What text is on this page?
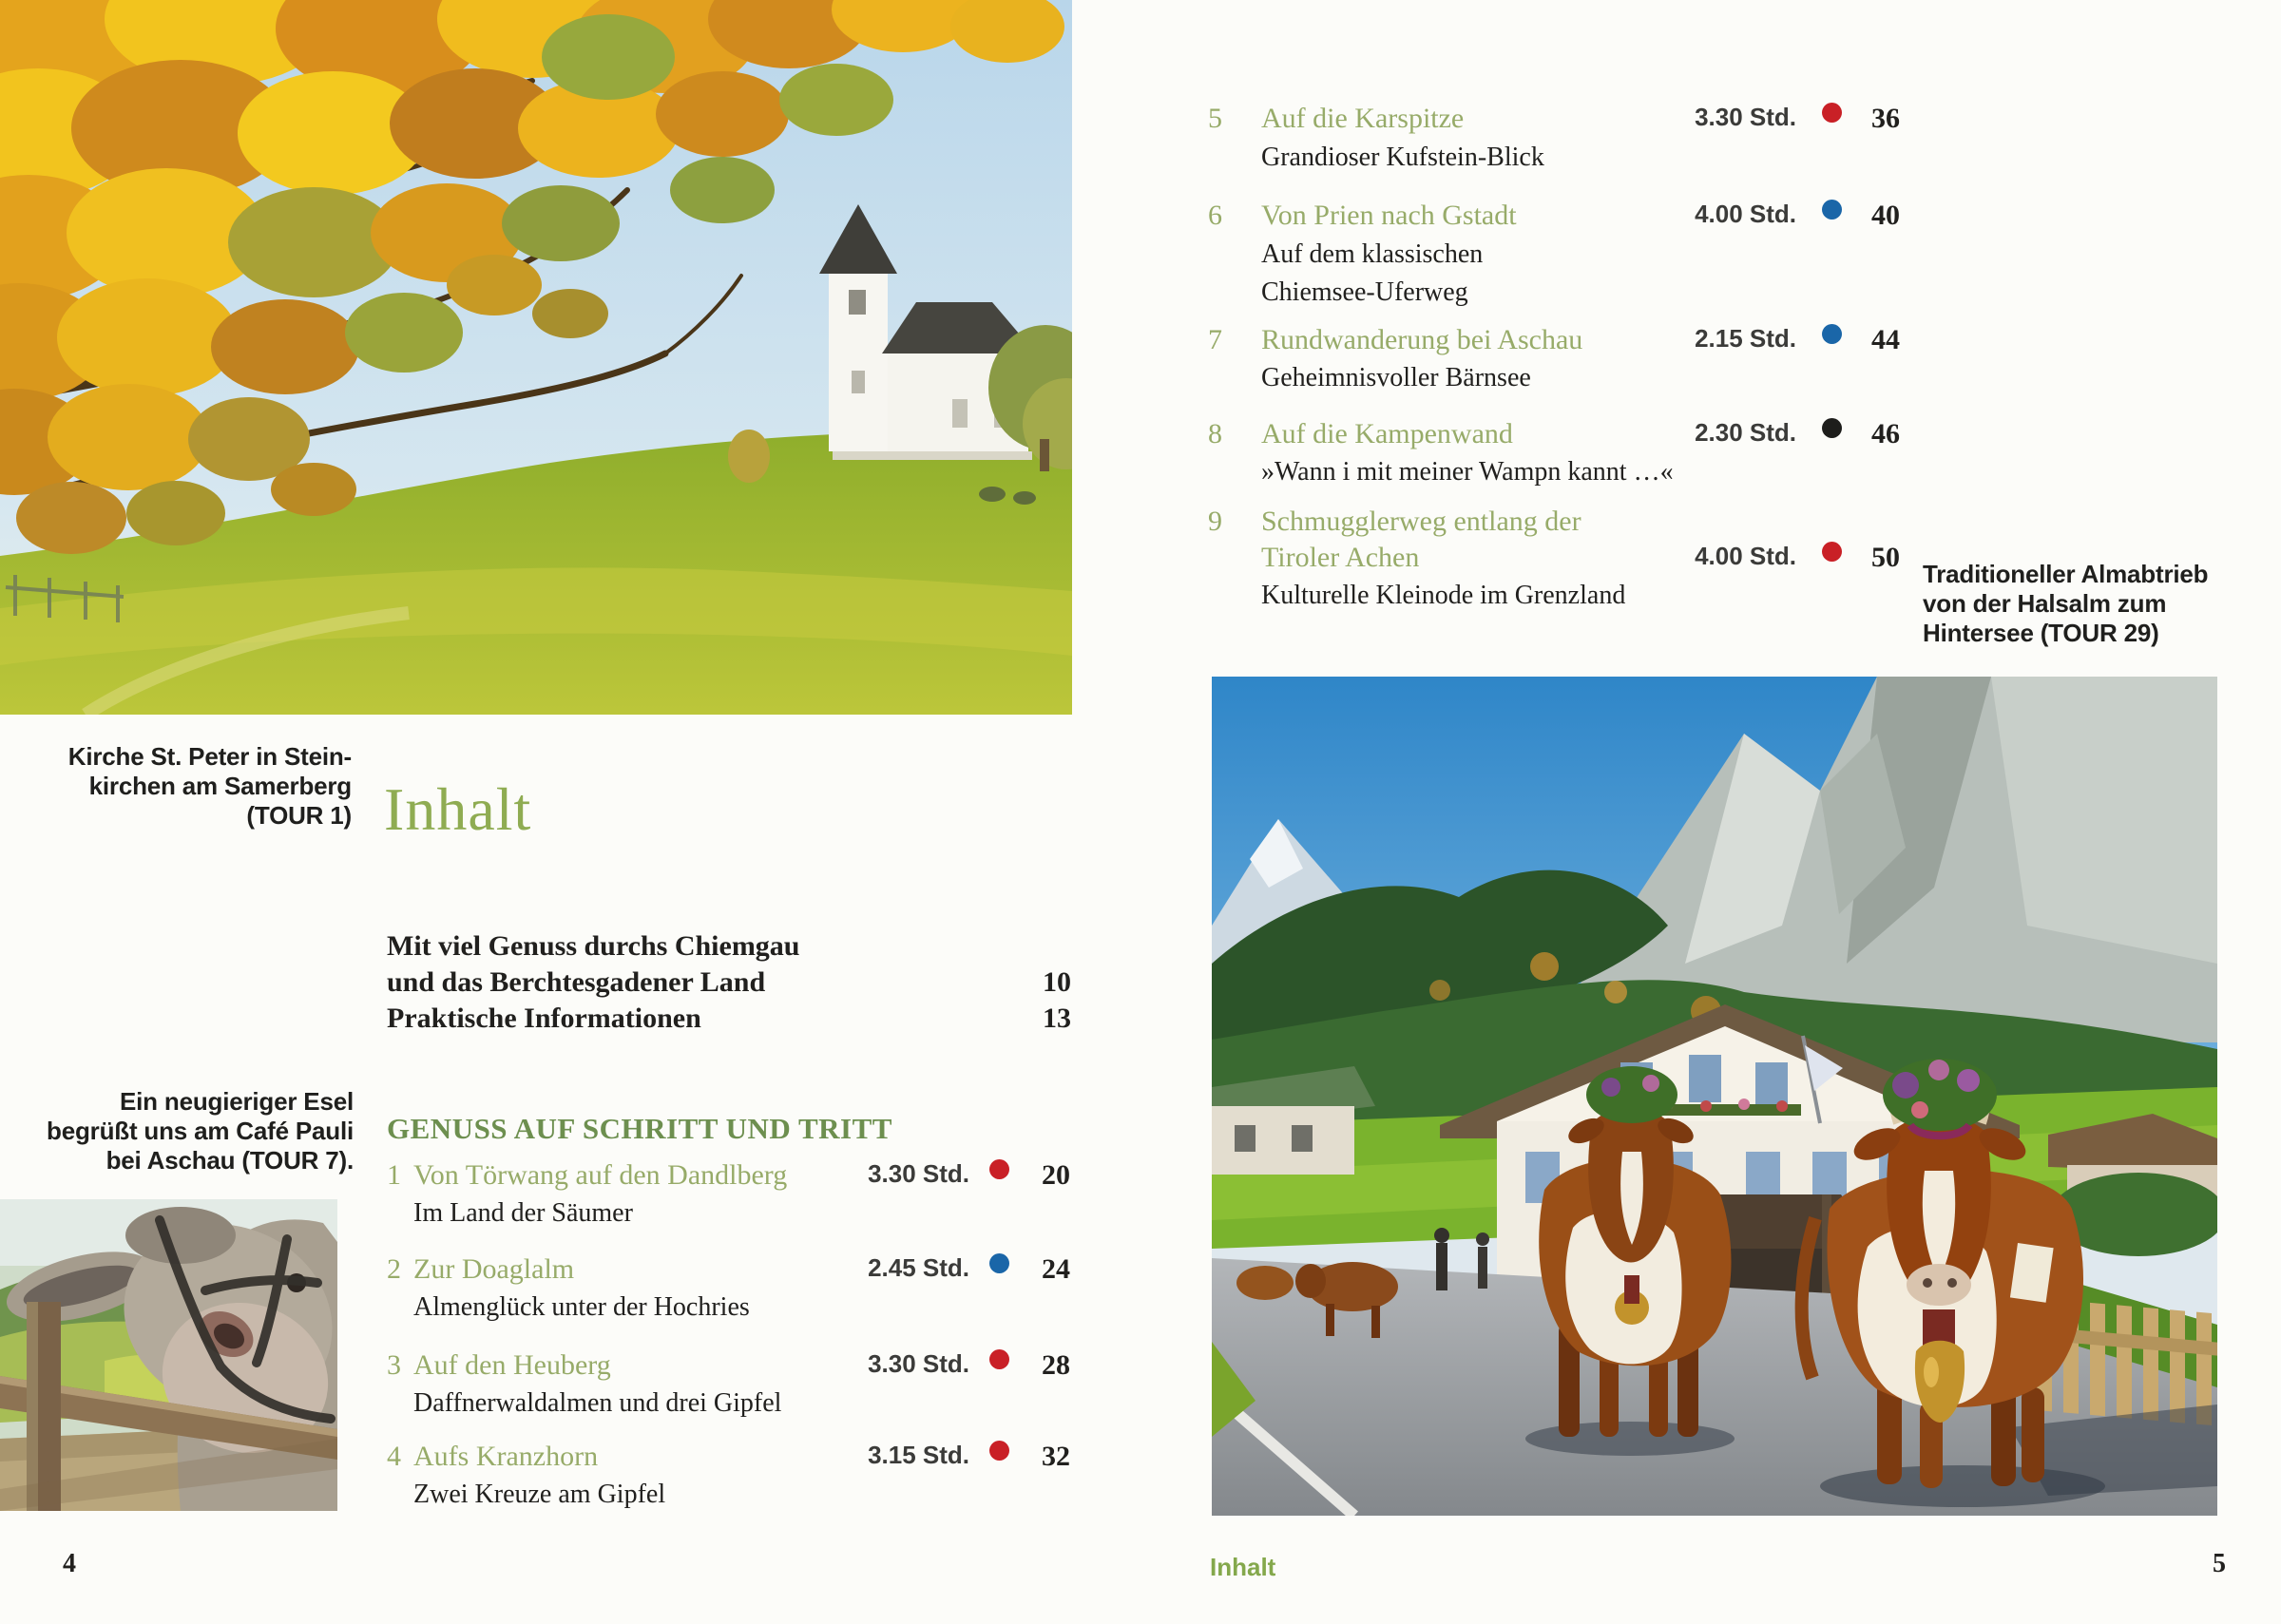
Kirche St. Peter in Stein-
kirchen am Samerberg
(TOUR 1) Inhalt
Mit viel Genuss durchs Chiemgau
und das Berchtesgadener Land	10
Praktische Informationen	13
GENUSS AUF SCHRITT UND TRITT
1 Von Törwang auf den Dandlberg	3.30 Std.	20
Im Land der Säumer
2 Zur Doaglalm	2.45 Std.	24
Almenglück unter der Hochries
3 Auf den Heuberg	3.30 Std.	28
Daffnerwaldalmen und drei Gipfel
4 Aufs Kranzhorn	3.15 Std.	32
Zwei Kreuze am Gipfel
Ein neugieriger Esel
begrüßt uns am Café Pauli
bei Aschau (TOUR 7).
4
5 Auf die Karspitze	3.30 Std.	36
Grandioser Kufstein-Blick
6 Von Prien nach Gstadt	4.00 Std.	40
Auf dem klassischen
Chiemsee-Uferweg
7 Rundwanderung bei Aschau	2.15 Std.	44
Geheimnisvoller Bärnsee
8 Auf die Kampenwand	2.30 Std.	46
»Wann i mit meiner Wampn kannt …«
9 Schmugglerweg entlang der
Tiroler Achen	4.00 Std.	50
Kulturelle Kleinode im Grenzland
Traditioneller Almabtrieb
von der Halsalm zum
Hintersee (TOUR 29)
Inhalt	5
